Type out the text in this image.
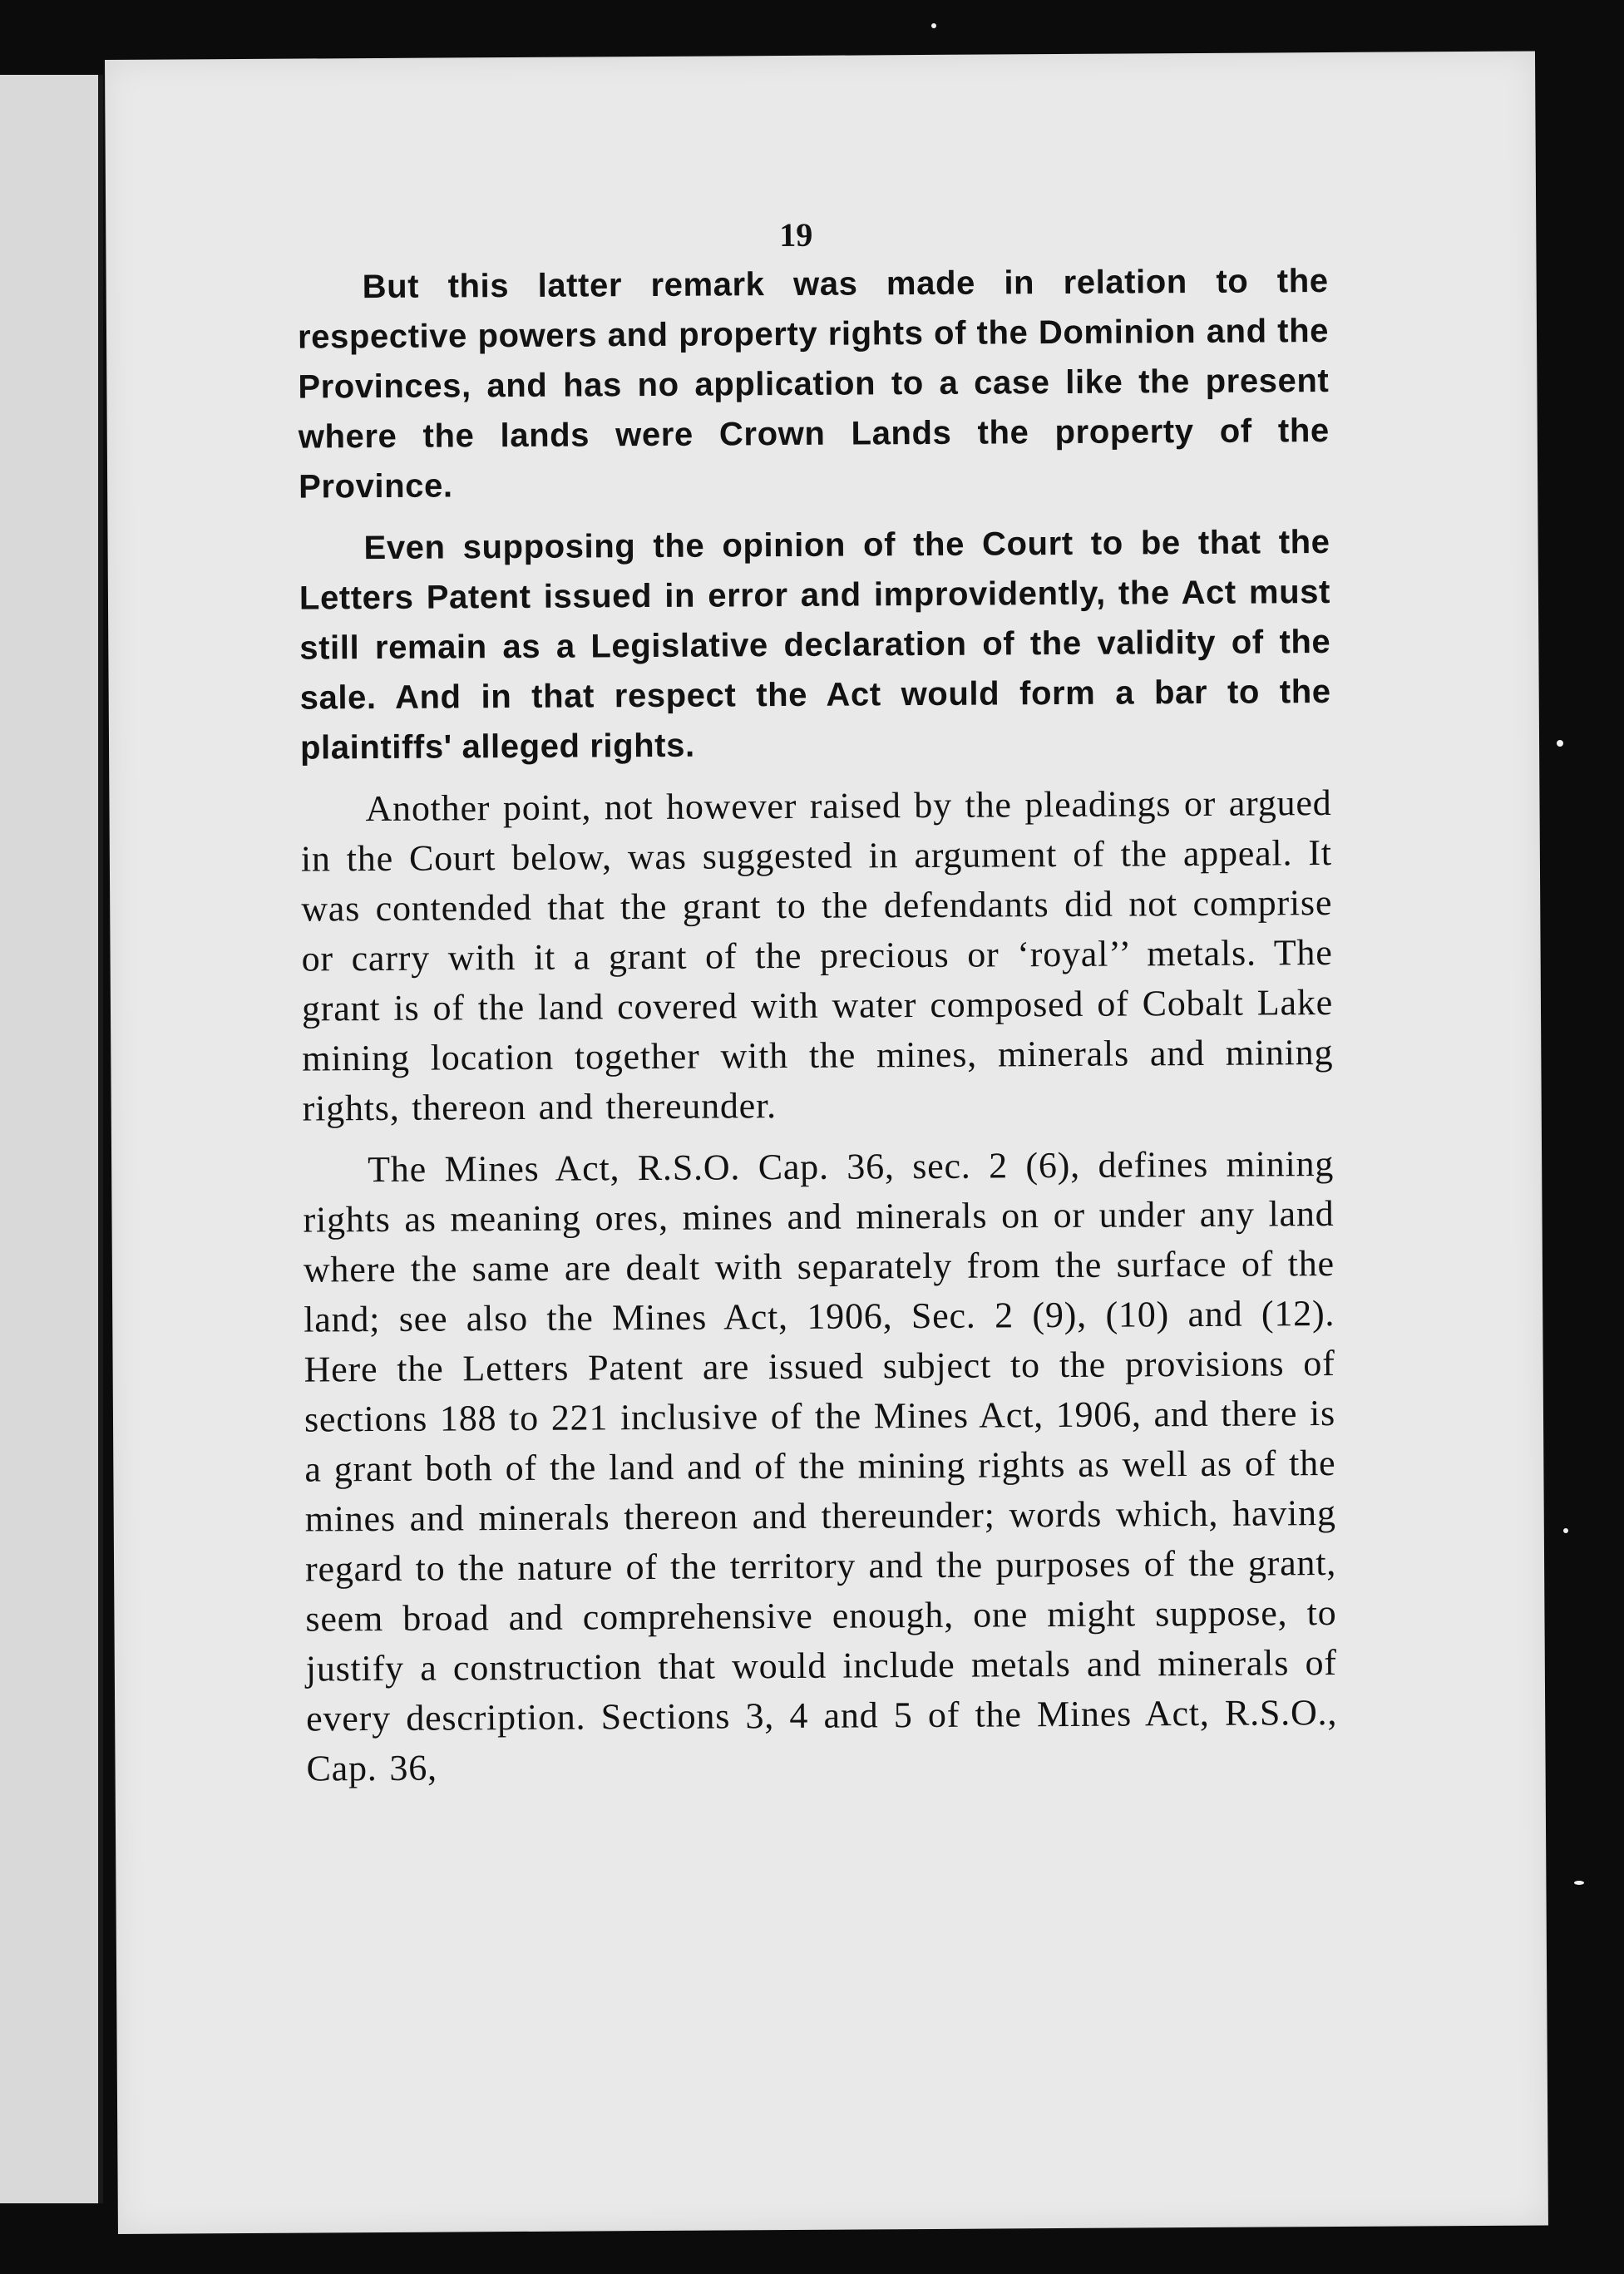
19

But this latter remark was made in relation to the respective powers and property rights of the Dominion and the Provinces, and has no application to a case like the present where the lands were Crown Lands the property of the Province.

Even supposing the opinion of the Court to be that the Letters Patent issued in error and improvidently, the Act must still remain as a Legislative declaration of the validity of the sale. And in that respect the Act would form a bar to the plaintiffs' alleged rights.

Another point, not however raised by the pleadings or argued in the Court below, was suggested in argument of the appeal. It was contended that the grant to the defendants did not comprise or carry with it a grant of the precious or ‘royal’’ metals. The grant is of the land covered with water composed of Cobalt Lake mining location together with the mines, minerals and mining rights, thereon and thereunder.

The Mines Act, R.S.O. Cap. 36, sec. 2 (6), defines mining rights as meaning ores, mines and minerals on or under any land where the same are dealt with separately from the surface of the land; see also the Mines Act, 1906, Sec. 2 (9), (10) and (12). Here the Letters Patent are issued subject to the provisions of sections 188 to 221 inclusive of the Mines Act, 1906, and there is a grant both of the land and of the mining rights as well as of the mines and minerals thereon and thereunder; words which, having regard to the nature of the territory and the purposes of the grant, seem broad and comprehensive enough, one might suppose, to justify a construction that would include metals and minerals of every description. Sections 3, 4 and 5 of the Mines Act, R.S.O., Cap. 36,
